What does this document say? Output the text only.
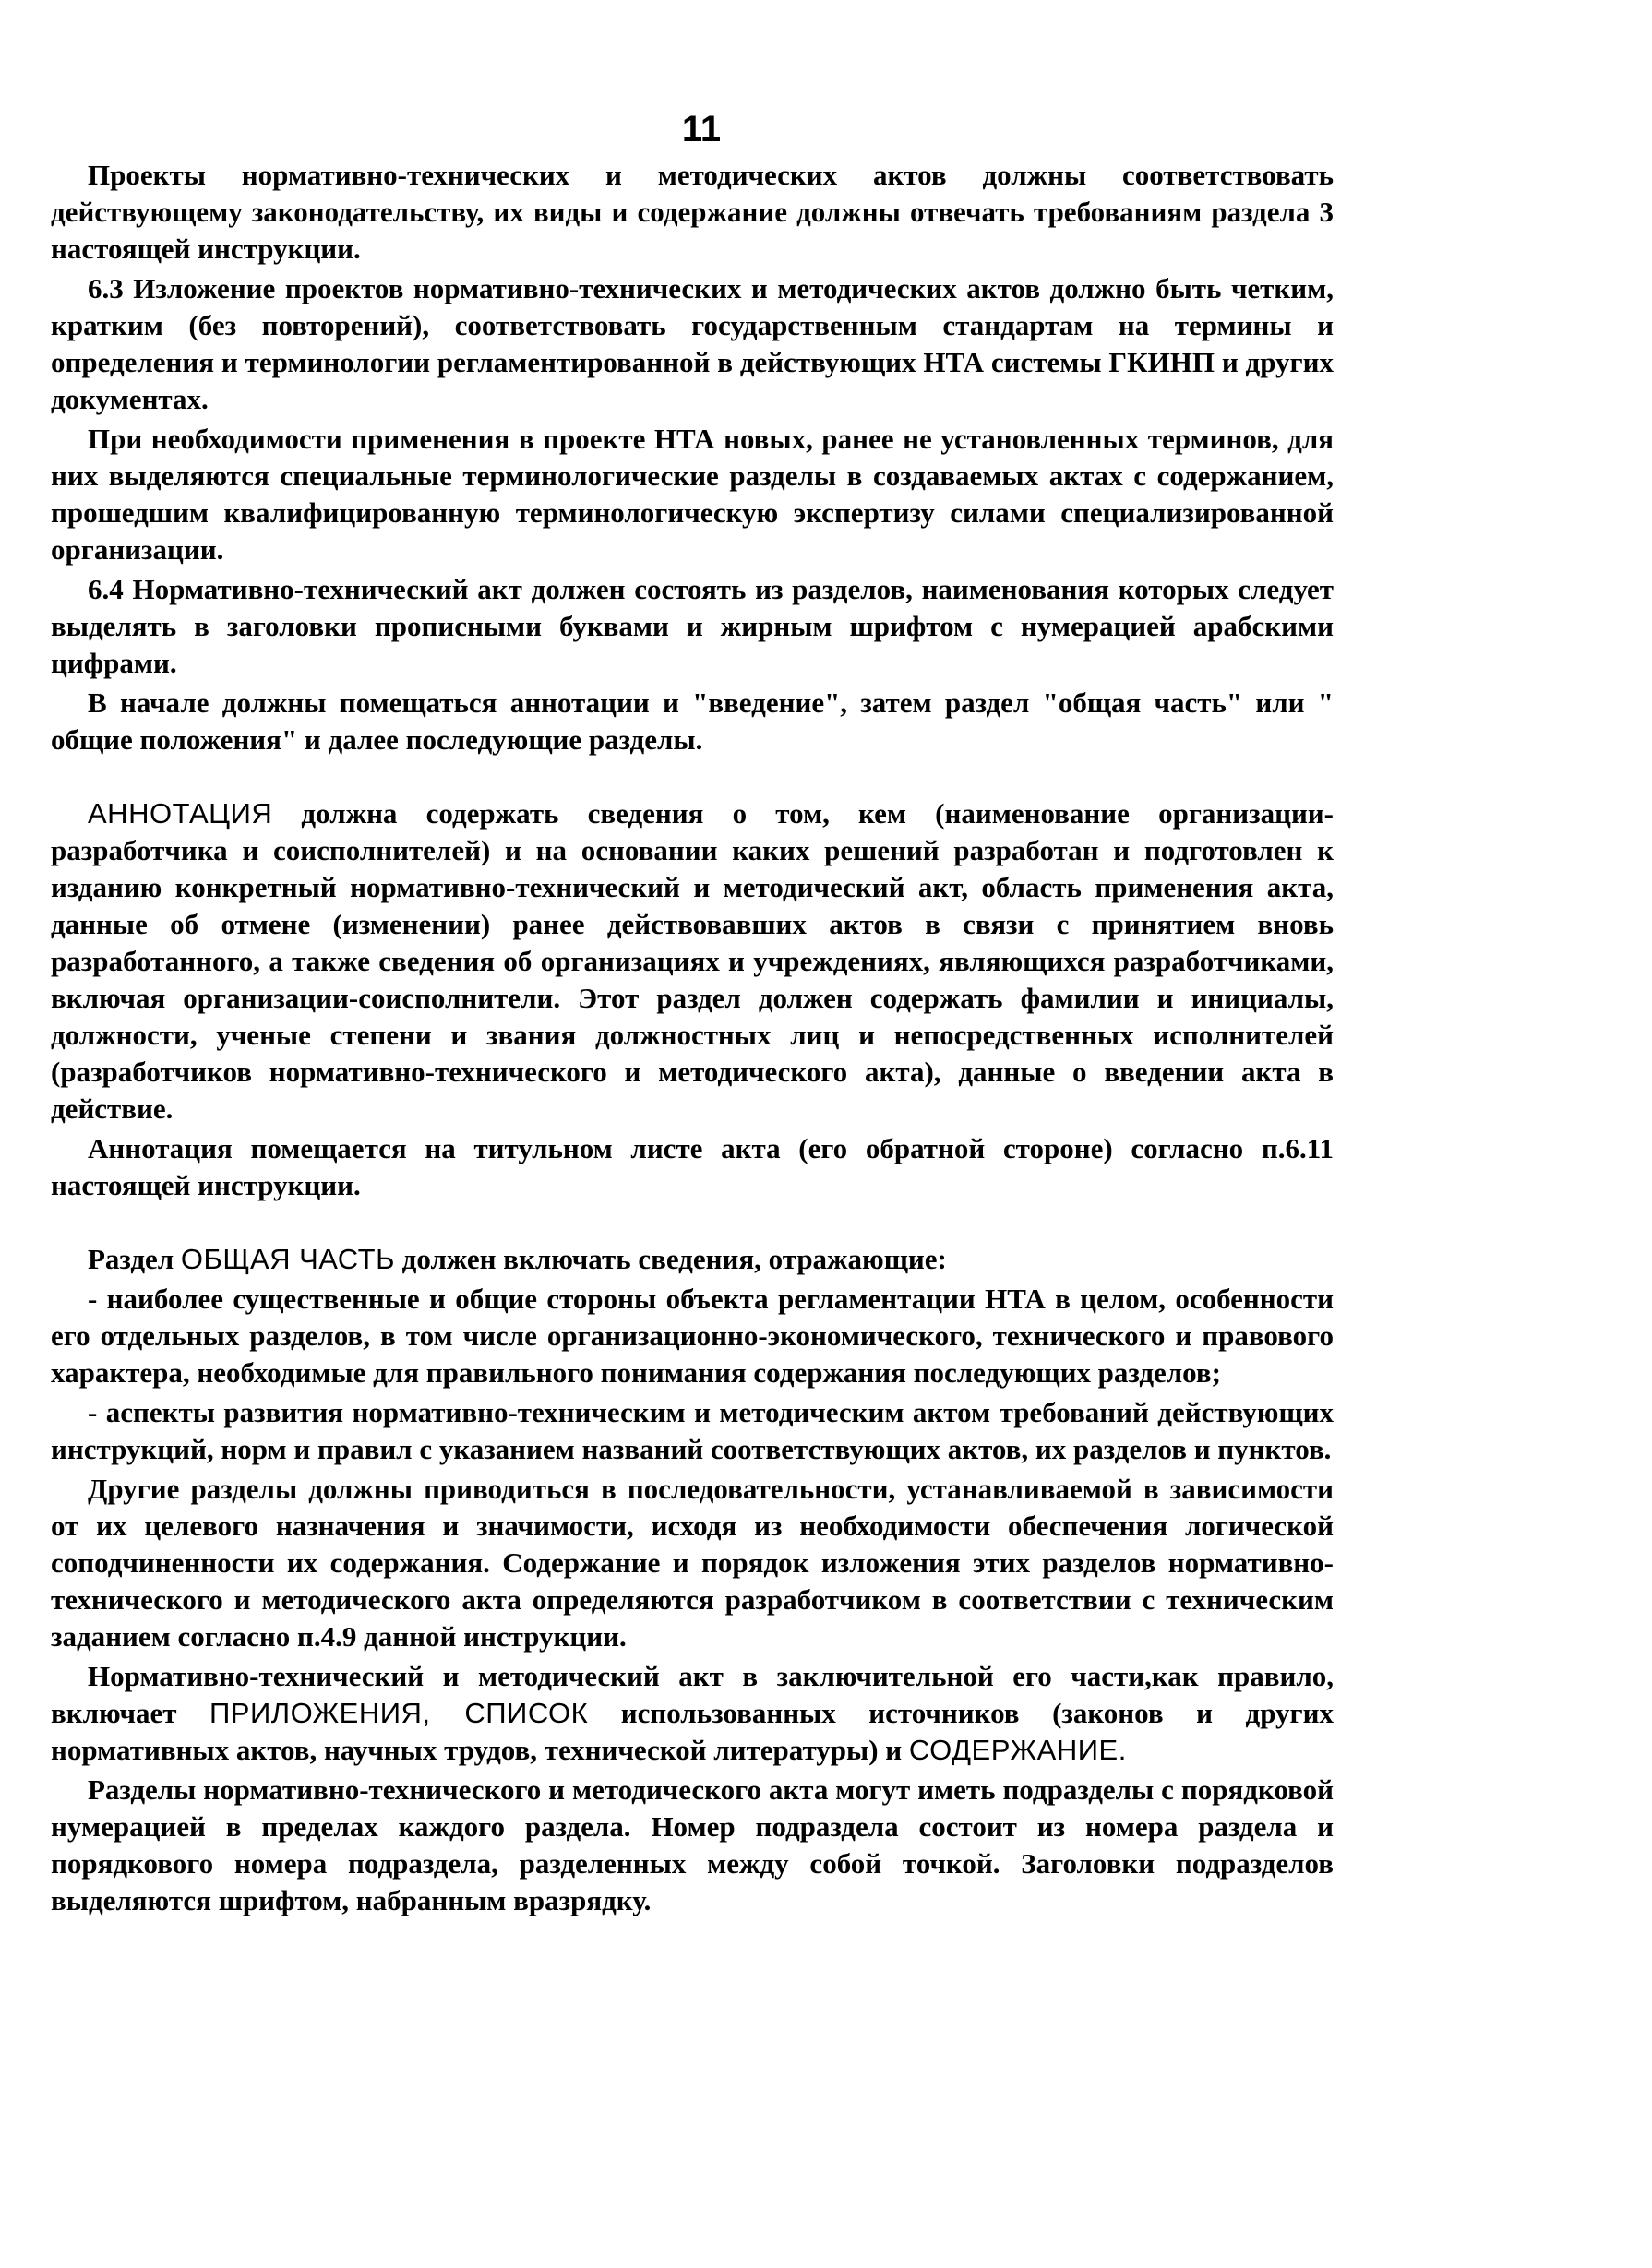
11

Проекты нормативно-технических и методических актов должны соответствовать действующему законодательству, их виды и содержание должны отвечать требованиям раздела 3 настоящей инструкции.

6.3 Изложение проектов нормативно-технических и методических актов должно быть четким, кратким (без повторений), соответствовать государственным стандартам на термины и определения и терминологии регламентированной в действующих НТА системы ГКИНП и других документах.

При необходимости применения в проекте НТА новых, ранее не установленных терминов, для них выделяются специальные терминологические разделы в создаваемых актах с содержанием, прошедшим квалифицированную терминологическую экспертизу силами специализированной организации.

6.4 Нормативно-технический акт должен состоять из разделов, наименования которых следует выделять в заголовки прописными буквами и жирным шрифтом с нумерацией арабскими цифрами.

В начале должны помещаться аннотации и "введение", затем раздел "общая часть" или " общие положения" и далее последующие разделы.

АННОТАЦИЯ должна содержать сведения о том, кем (наименование организации-разработчика и соисполнителей) и на основании каких решений разработан и подготовлен к изданию конкретный нормативно-технический и методический акт, область применения акта, данные об отмене (изменении) ранее действовавших актов в связи с принятием вновь разработанного, а также сведения об организациях и учреждениях, являющихся разработчиками, включая организации-соисполнители. Этот раздел должен содержать фамилии и инициалы, должности, ученые степени и звания должностных лиц и непосредственных исполнителей (разработчиков нормативно-технического и методического акта), данные о введении акта в действие.

Аннотация помещается на титульном листе акта (его обратной стороне) согласно п.6.11 настоящей инструкции.

Раздел ОБЩАЯ ЧАСТЬ должен включать сведения, отражающие:

- наиболее существенные и общие стороны объекта регламентации НТА в целом, особенности его отдельных разделов, в том числе организационно-экономического, технического и правового характера, необходимые для правильного понимания содержания последующих разделов;

- аспекты развития нормативно-техническим и методическим актом требований действующих инструкций, норм и правил с указанием названий соответствующих актов, их разделов и пунктов.

Другие разделы должны приводиться в последовательности, устанавливаемой в зависимости от их целевого назначения и значимости, исходя из необходимости обеспечения логической соподчиненности их содержания. Содержание и порядок изложения этих разделов нормативно-технического и методического акта определяются разработчиком в соответствии с техническим заданием согласно п.4.9 данной инструкции.

Нормативно-технический и методический акт в заключительной его части,как правило, включает ПРИЛОЖЕНИЯ, СПИСОК использованных источников (законов и других нормативных актов, научных трудов, технической литературы) и СОДЕРЖАНИЕ.

Разделы нормативно-технического и методического акта могут иметь подразделы с порядковой нумерацией в пределах каждого раздела. Номер подраздела состоит из номера раздела и порядкового номера подраздела, разделенных между собой точкой. Заголовки подразделов выделяются шрифтом, набранным вразрядку.
